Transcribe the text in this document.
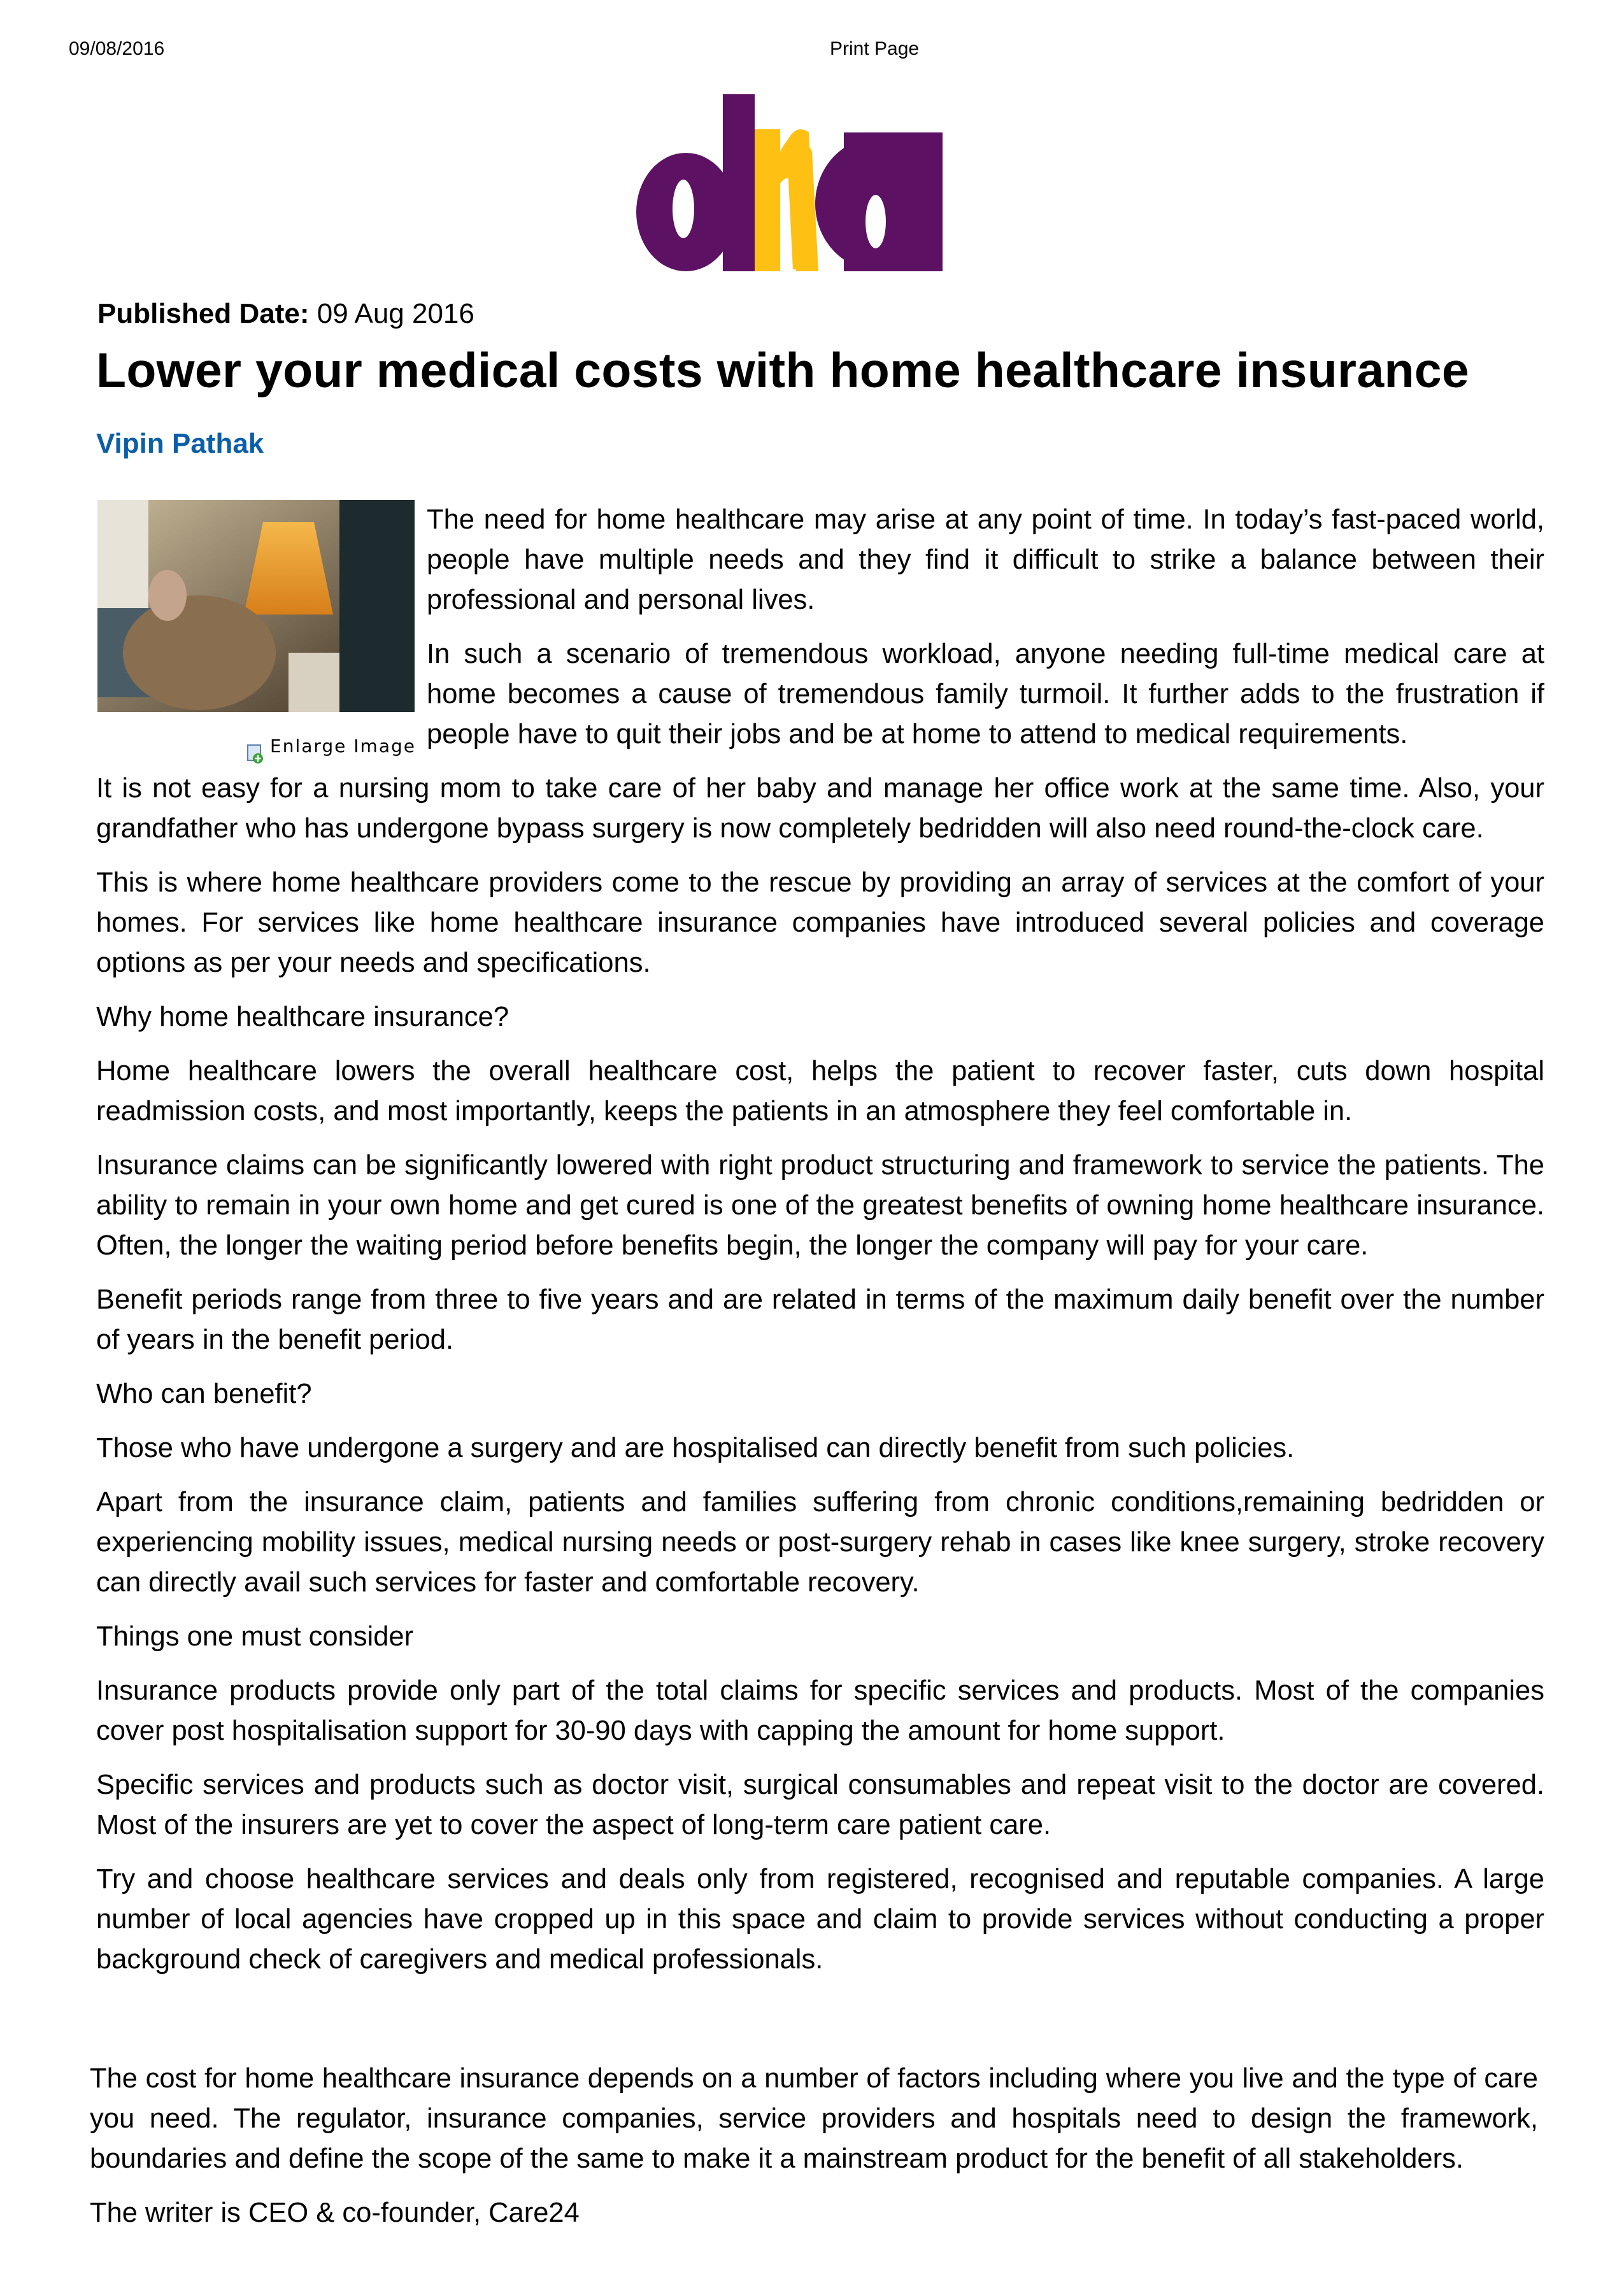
09/08/2016	Print Page
Published Date: 09 Aug 2016
Lower your medical costs with home healthcare insurance
Vipin Pathak
Enlarge Image

The need for home healthcare may arise at any point of time. In today’s fast-paced world, people have multiple needs and they find it difficult to strike a balance between their professional and personal lives.

In such a scenario of tremendous workload, anyone needing full-time medical care at home becomes a cause of tremendous family turmoil. It further adds to the frustration if people have to quit their jobs and be at home to attend to medical requirements.

It is not easy for a nursing mom to take care of her baby and manage her office work at the same time. Also, your grandfather who has undergone bypass surgery is now completely bedridden will also need round-the-clock care.

This is where home healthcare providers come to the rescue by providing an array of services at the comfort of your homes. For services like home healthcare insurance companies have introduced several policies and coverage options as per your needs and specifications.

Why home healthcare insurance?

Home healthcare lowers the overall healthcare cost, helps the patient to recover faster, cuts down hospital readmission costs, and most importantly, keeps the patients in an atmosphere they feel comfortable in.

Insurance claims can be significantly lowered with right product structuring and framework to service the patients. The ability to remain in your own home and get cured is one of the greatest benefits of owning home healthcare insurance. Often, the longer the waiting period before benefits begin, the longer the company will pay for your care.

Benefit periods range from three to five years and are related in terms of the maximum daily benefit over the number of years in the benefit period.

Who can benefit?

Those who have undergone a surgery and are hospitalised can directly benefit from such policies.

Apart from the insurance claim, patients and families suffering from chronic conditions,remaining bedridden or experiencing mobility issues, medical nursing needs or post-surgery rehab in cases like knee surgery, stroke recovery can directly avail such services for faster and comfortable recovery.

Things one must consider

Insurance products provide only part of the total claims for specific services and products. Most of the companies cover post hospitalisation support for 30-90 days with capping the amount for home support.

Specific services and products such as doctor visit, surgical consumables and repeat visit to the doctor are covered. Most of the insurers are yet to cover the aspect of long-term care patient care.

Try and choose healthcare services and deals only from registered, recognised and reputable companies. A large number of local agencies have cropped up in this space and claim to provide services without conducting a proper background check of caregivers and medical professionals.

The cost for home healthcare insurance depends on a number of factors including where you live and the type of care you need. The regulator, insurance companies, service providers and hospitals need to design the framework, boundaries and define the scope of the same to make it a mainstream product for the benefit of all stakeholders.

The writer is CEO & co-founder, Care24
